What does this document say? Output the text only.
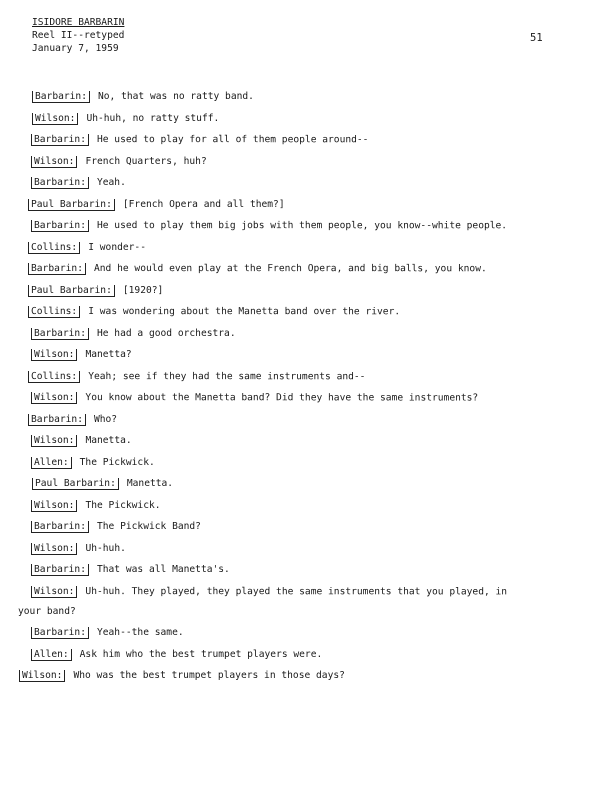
ISIDORE BARBARIN
Reel II--retyped
January 7, 1959
51
Barbarin: No, that was no ratty band.
Wilson: Uh-huh, no ratty stuff.
Barbarin: He used to play for all of them people around--
Wilson: French Quarters, huh?
Barbarin: Yeah.
Paul Barbarin: [French Opera and all them?]
Barbarin: He used to play them big jobs with them people, you know--white people.
Collins: I wonder--
Barbarin: And he would even play at the French Opera, and big balls, you know.
Paul Barbarin: [1920?]
Collins: I was wondering about the Manetta band over the river.
Barbarin: He had a good orchestra.
Wilson: Manetta?
Collins: Yeah; see if they had the same instruments and--
Wilson: You know about the Manetta band? Did they have the same instruments?
Barbarin: Who?
Wilson: Manetta.
Allen: The Pickwick.
Paul Barbarin: Manetta.
Wilson: The Pickwick.
Barbarin: The Pickwick Band?
Wilson: Uh-huh.
Barbarin: That was all Manetta's.
Wilson: Uh-huh. They played, they played the same instruments that you played, in
your band?
Barbarin: Yeah--the same.
Allen: Ask him who the best trumpet players were.
Wilson: Who was the best trumpet players in those days?
